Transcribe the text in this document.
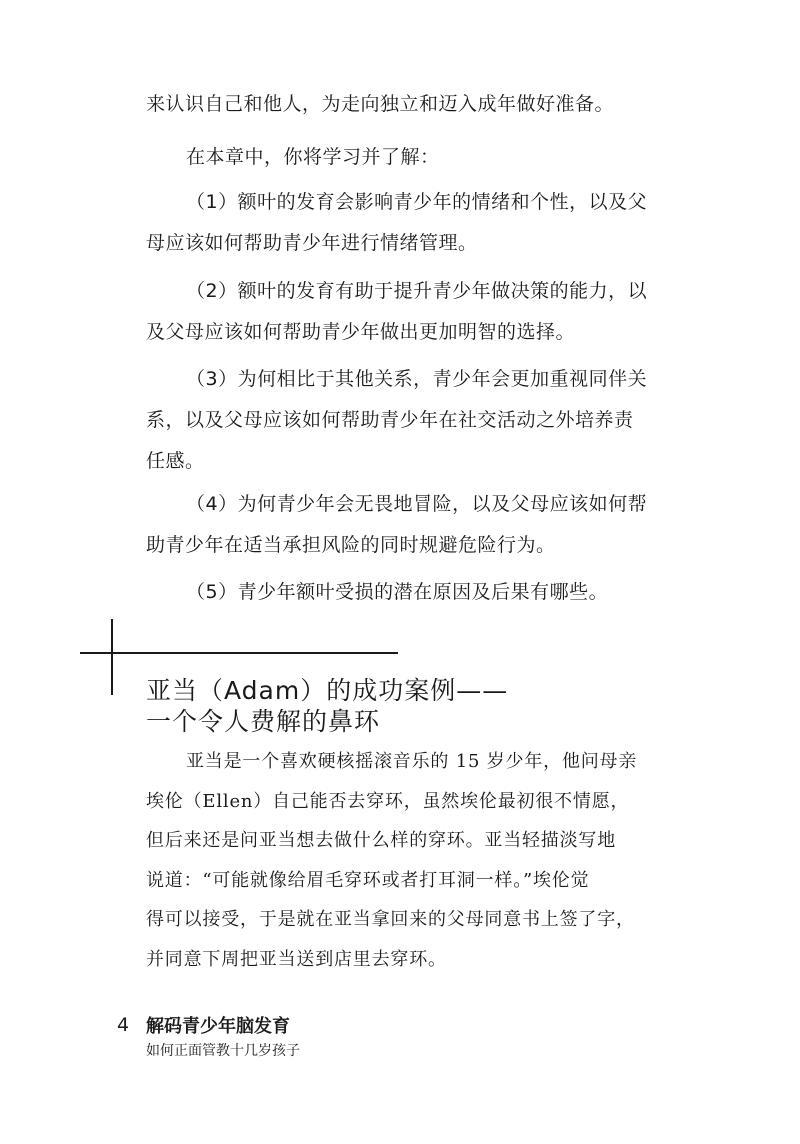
来认识自己和他人，为走向独立和迈入成年做好准备。

在本章中，你将学习并了解：

（1）额叶的发育会影响青少年的情绪和个性，以及父
母应该如何帮助青少年进行情绪管理。

（2）额叶的发育有助于提升青少年做决策的能力，以
及父母应该如何帮助青少年做出更加明智的选择。

（3）为何相比于其他关系，青少年会更加重视同伴关
系，以及父母应该如何帮助青少年在社交活动之外培养责
任感。

（4）为何青少年会无畏地冒险，以及父母应该如何帮
助青少年在适当承担风险的同时规避危险行为。

（5）青少年额叶受损的潜在原因及后果有哪些。

亚当（Adam）的成功案例——
一个令人费解的鼻环

亚当是一个喜欢硬核摇滚音乐的 15 岁少年，他问母亲
埃伦（Ellen）自己能否去穿环，虽然埃伦最初很不情愿，
但后来还是问亚当想去做什么样的穿环。亚当轻描淡写地
说道：“可能就像给眉毛穿环或者打耳洞一样。”埃伦觉
得可以接受，于是就在亚当拿回来的父母同意书上签了字，
并同意下周把亚当送到店里去穿环。

4 解码青少年脑发育

如何正面管教十几岁孩子
